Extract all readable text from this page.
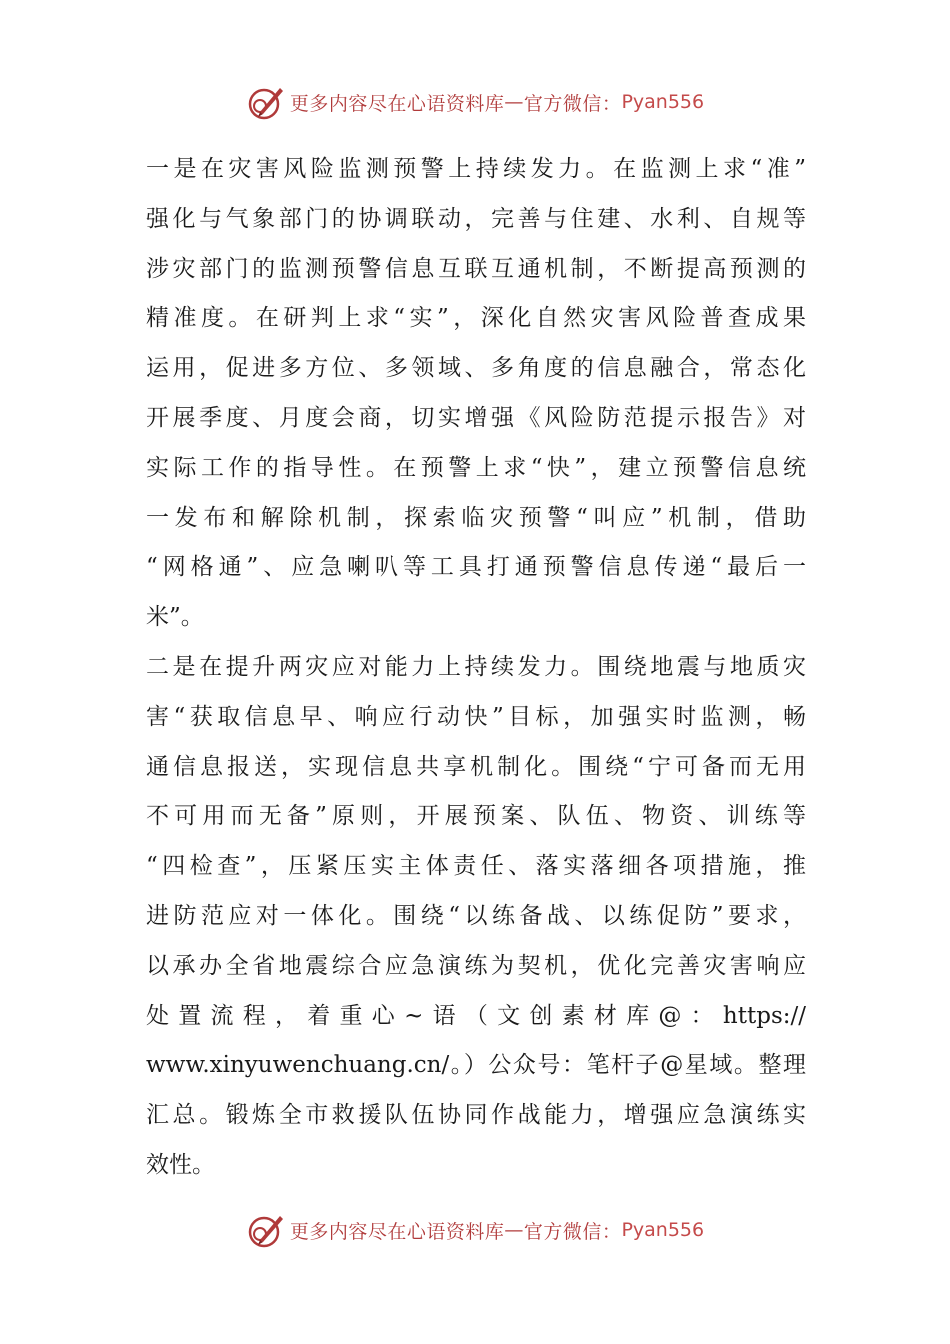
更多内容尽在心语资料库 — 官方微信： Pyan556
一是在灾害风险监测预警上持续发力。在监测上求“准”
强化与气象部门的协调联动，完善与住建、水利、自规等
涉灾部门的监测预警信息互联互通机制，不断提高预测的
精准度。在研判上求“实”，深化自然灾害风险普查成果
运用，促进多方位、多领域、多角度的信息融合，常态化
开展季度、月度会商，切实增强《风险防范提示报告》对
实际工作的指导性。在预警上求“快”，建立预警信息统
一发布和解除机制，探索临灾预警“叫应”机制，借助
“网格通”、应急喇叭等工具打通预警信息传递“最后一
米”。
二是在提升两灾应对能力上持续发力。围绕地震与地质灾
害“获取信息早、响应行动快”目标，加强实时监测，畅
通信息报送，实现信息共享机制化。围绕“宁可备而无用
不可用而无备”原则，开展预案、队伍、物资、训练等
“四检查”，压紧压实主体责任、落实落细各项措施，推
进防范应对一体化。围绕“以练备战、以练促防”要求，
以承办全省地震综合应急演练为契机，优化完善灾害响应
处置流程，着重心~语（文创素材库@：https://
www.xinyuwenchuang.cn/。）公众号：笔杆子@星域。整理
汇总。锻炼全市救援队伍协同作战能力，增强应急演练实
效性。
更多内容尽在心语资料库 — 官方微信： Pyan556
